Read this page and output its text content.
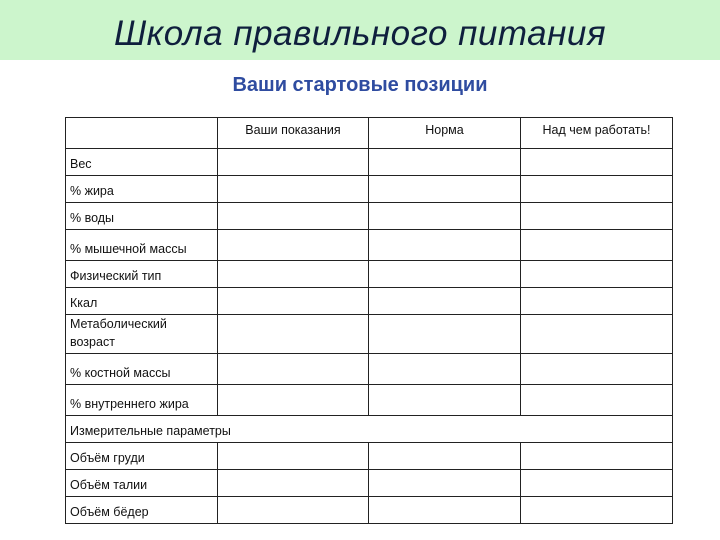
Школа правильного питания
Ваши стартовые позиции
	Ваши показания	Норма	Над чем работать!
Вес			
% жира			
% воды			
% мышечной массы			
Физический тип			
Ккал			
Метаболический возраст			
% костной массы			
% внутреннего жира			
Измерительные параметры			
Объём груди			
Объём талии			
Объём бёдер			
